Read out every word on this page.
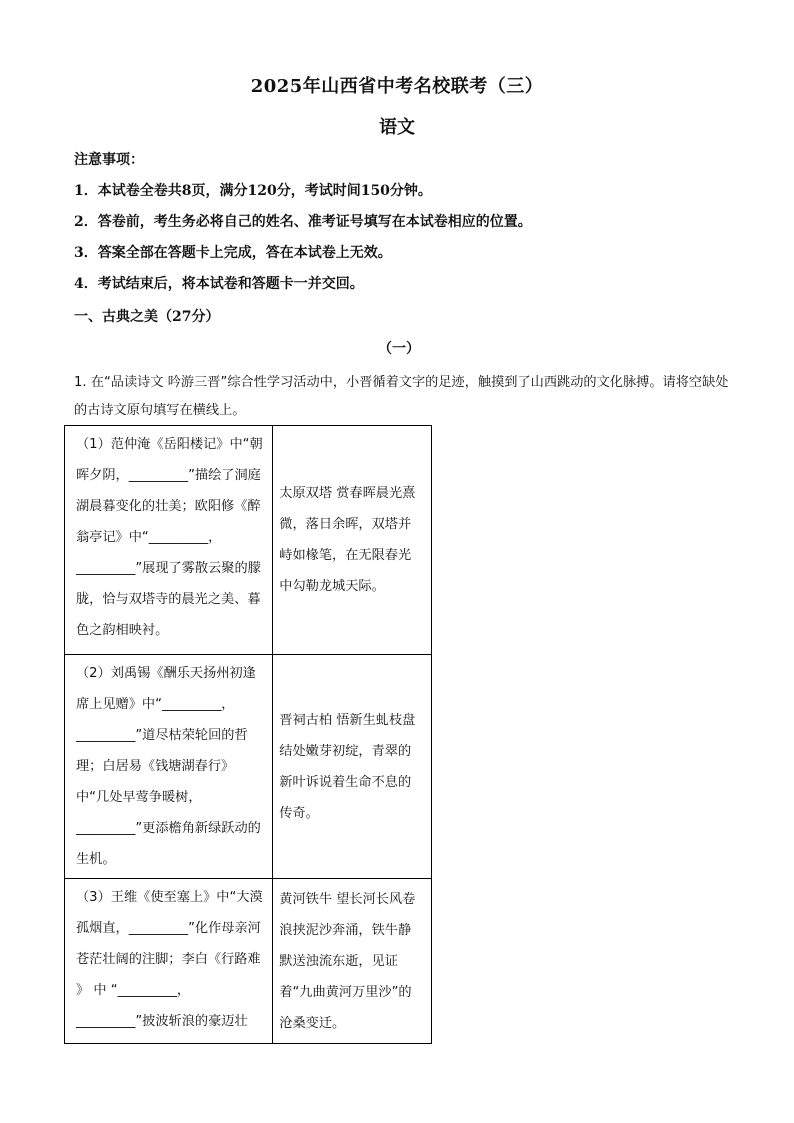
2025年山西省中考名校联考（三）
语文
注意事项：
1．本试卷全卷共8页，满分120分，考试时间150分钟。
2．答卷前，考生务必将自己的姓名、准考证号填写在本试卷相应的位置。
3．答案全部在答题卡上完成，答在本试卷上无效。
4．考试结束后，将本试卷和答题卡一并交回。
一、古典之美（27分）
（一）
1. 在“品读诗文 吟游三晋”综合性学习活动中，小晋循着文字的足迹，触摸到了山西跳动的文化脉搏。请将空缺处的古诗文原句填写在横线上。
（1）范仲淹《岳阳楼记》中“朝晖夕阴，_________”描绘了洞庭湖晨暮变化的壮美；欧阳修《醉翁亭记》中“_________，_________”展现了雾散云聚的朦胧，恰与双塔寺的晨光之美、暮色之韵相映衬。	太原双塔 赏春晖晨光熹微，落日余晖，双塔并峙如椽笔，在无限春光中勾勒龙城天际。
（2）刘禹锡《酬乐天扬州初逢席上见赠》中“_________，_________”道尽枯荣轮回的哲理；白居易《钱塘湖春行》中“几处早莺争暖树，_________”更添檐角新绿跃动的生机。	晋祠古柏 悟新生虬枝盘结处嫩芽初绽，青翠的新叶诉说着生命不息的传奇。
（3）王维《使至塞上》中“大漠孤烟直，_________”化作母亲河苍茫壮阔的注脚；李白《行路难 》 中 “_________，_________”披波斩浪的豪迈壮	黄河铁牛 望长河长风卷浪挟泥沙奔涌，铁牛静默送浊流东逝，见证着“九曲黄河万里沙”的沧桑变迁。
